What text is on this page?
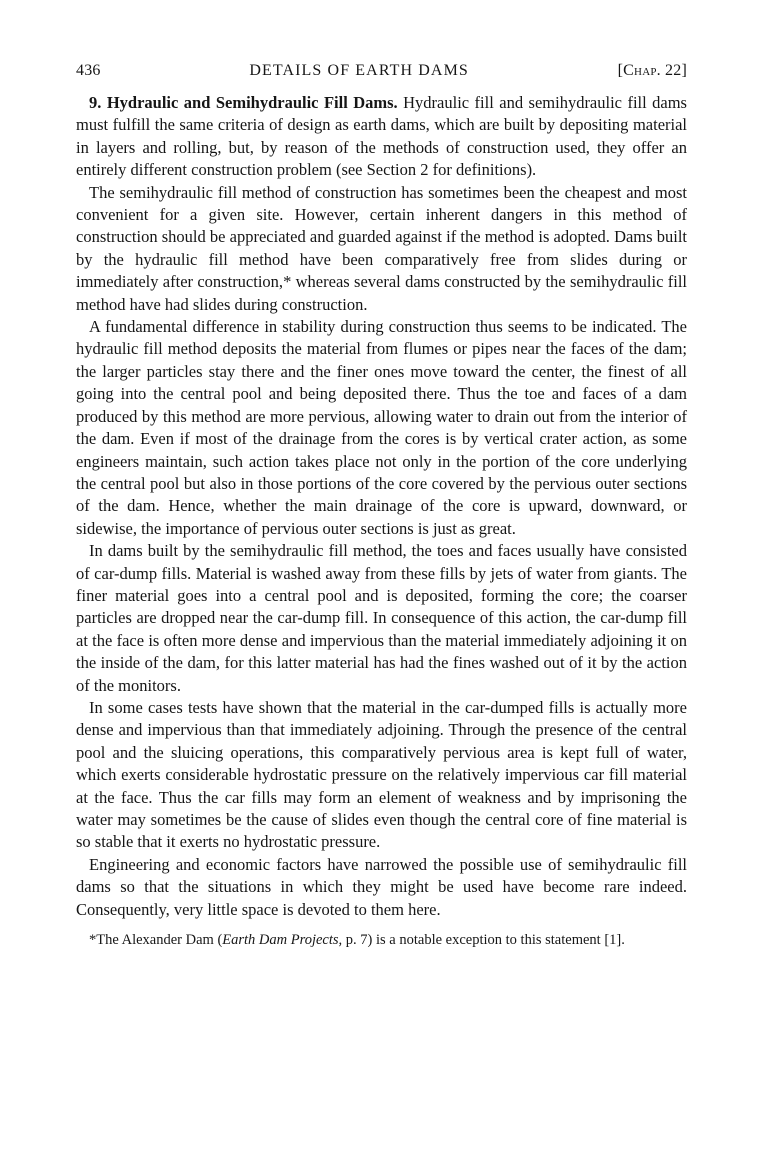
436	DETAILS OF EARTH DAMS	[Chap. 22]

9. Hydraulic and Semihydraulic Fill Dams. Hydraulic fill and semihydraulic fill dams must fulfill the same criteria of design as earth dams, which are built by depositing material in layers and rolling, but, by reason of the methods of construction used, they offer an entirely different construction problem (see Section 2 for definitions).

The semihydraulic fill method of construction has sometimes been the cheapest and most convenient for a given site. However, certain inherent dangers in this method of construction should be appreciated and guarded against if the method is adopted. Dams built by the hydraulic fill method have been comparatively free from slides during or immediately after construction,* whereas several dams constructed by the semihydraulic fill method have had slides during construction.

A fundamental difference in stability during construction thus seems to be indicated. The hydraulic fill method deposits the material from flumes or pipes near the faces of the dam; the larger particles stay there and the finer ones move toward the center, the finest of all going into the central pool and being deposited there. Thus the toe and faces of a dam produced by this method are more pervious, allowing water to drain out from the interior of the dam. Even if most of the drainage from the cores is by vertical crater action, as some engineers maintain, such action takes place not only in the portion of the core underlying the central pool but also in those portions of the core covered by the pervious outer sections of the dam. Hence, whether the main drainage of the core is upward, downward, or sidewise, the importance of pervious outer sections is just as great.

In dams built by the semihydraulic fill method, the toes and faces usually have consisted of car-dump fills. Material is washed away from these fills by jets of water from giants. The finer material goes into a central pool and is deposited, forming the core; the coarser particles are dropped near the car-dump fill. In consequence of this action, the car-dump fill at the face is often more dense and impervious than the material immediately adjoining it on the inside of the dam, for this latter material has had the fines washed out of it by the action of the monitors.

In some cases tests have shown that the material in the car-dumped fills is actually more dense and impervious than that immediately adjoining. Through the presence of the central pool and the sluicing operations, this comparatively pervious area is kept full of water, which exerts considerable hydrostatic pressure on the relatively impervious car fill material at the face. Thus the car fills may form an element of weakness and by imprisoning the water may sometimes be the cause of slides even though the central core of fine material is so stable that it exerts no hydrostatic pressure.

Engineering and economic factors have narrowed the possible use of semihydraulic fill dams so that the situations in which they might be used have become rare indeed. Consequently, very little space is devoted to them here.

*The Alexander Dam (Earth Dam Projects, p. 7) is a notable exception to this statement [1].
